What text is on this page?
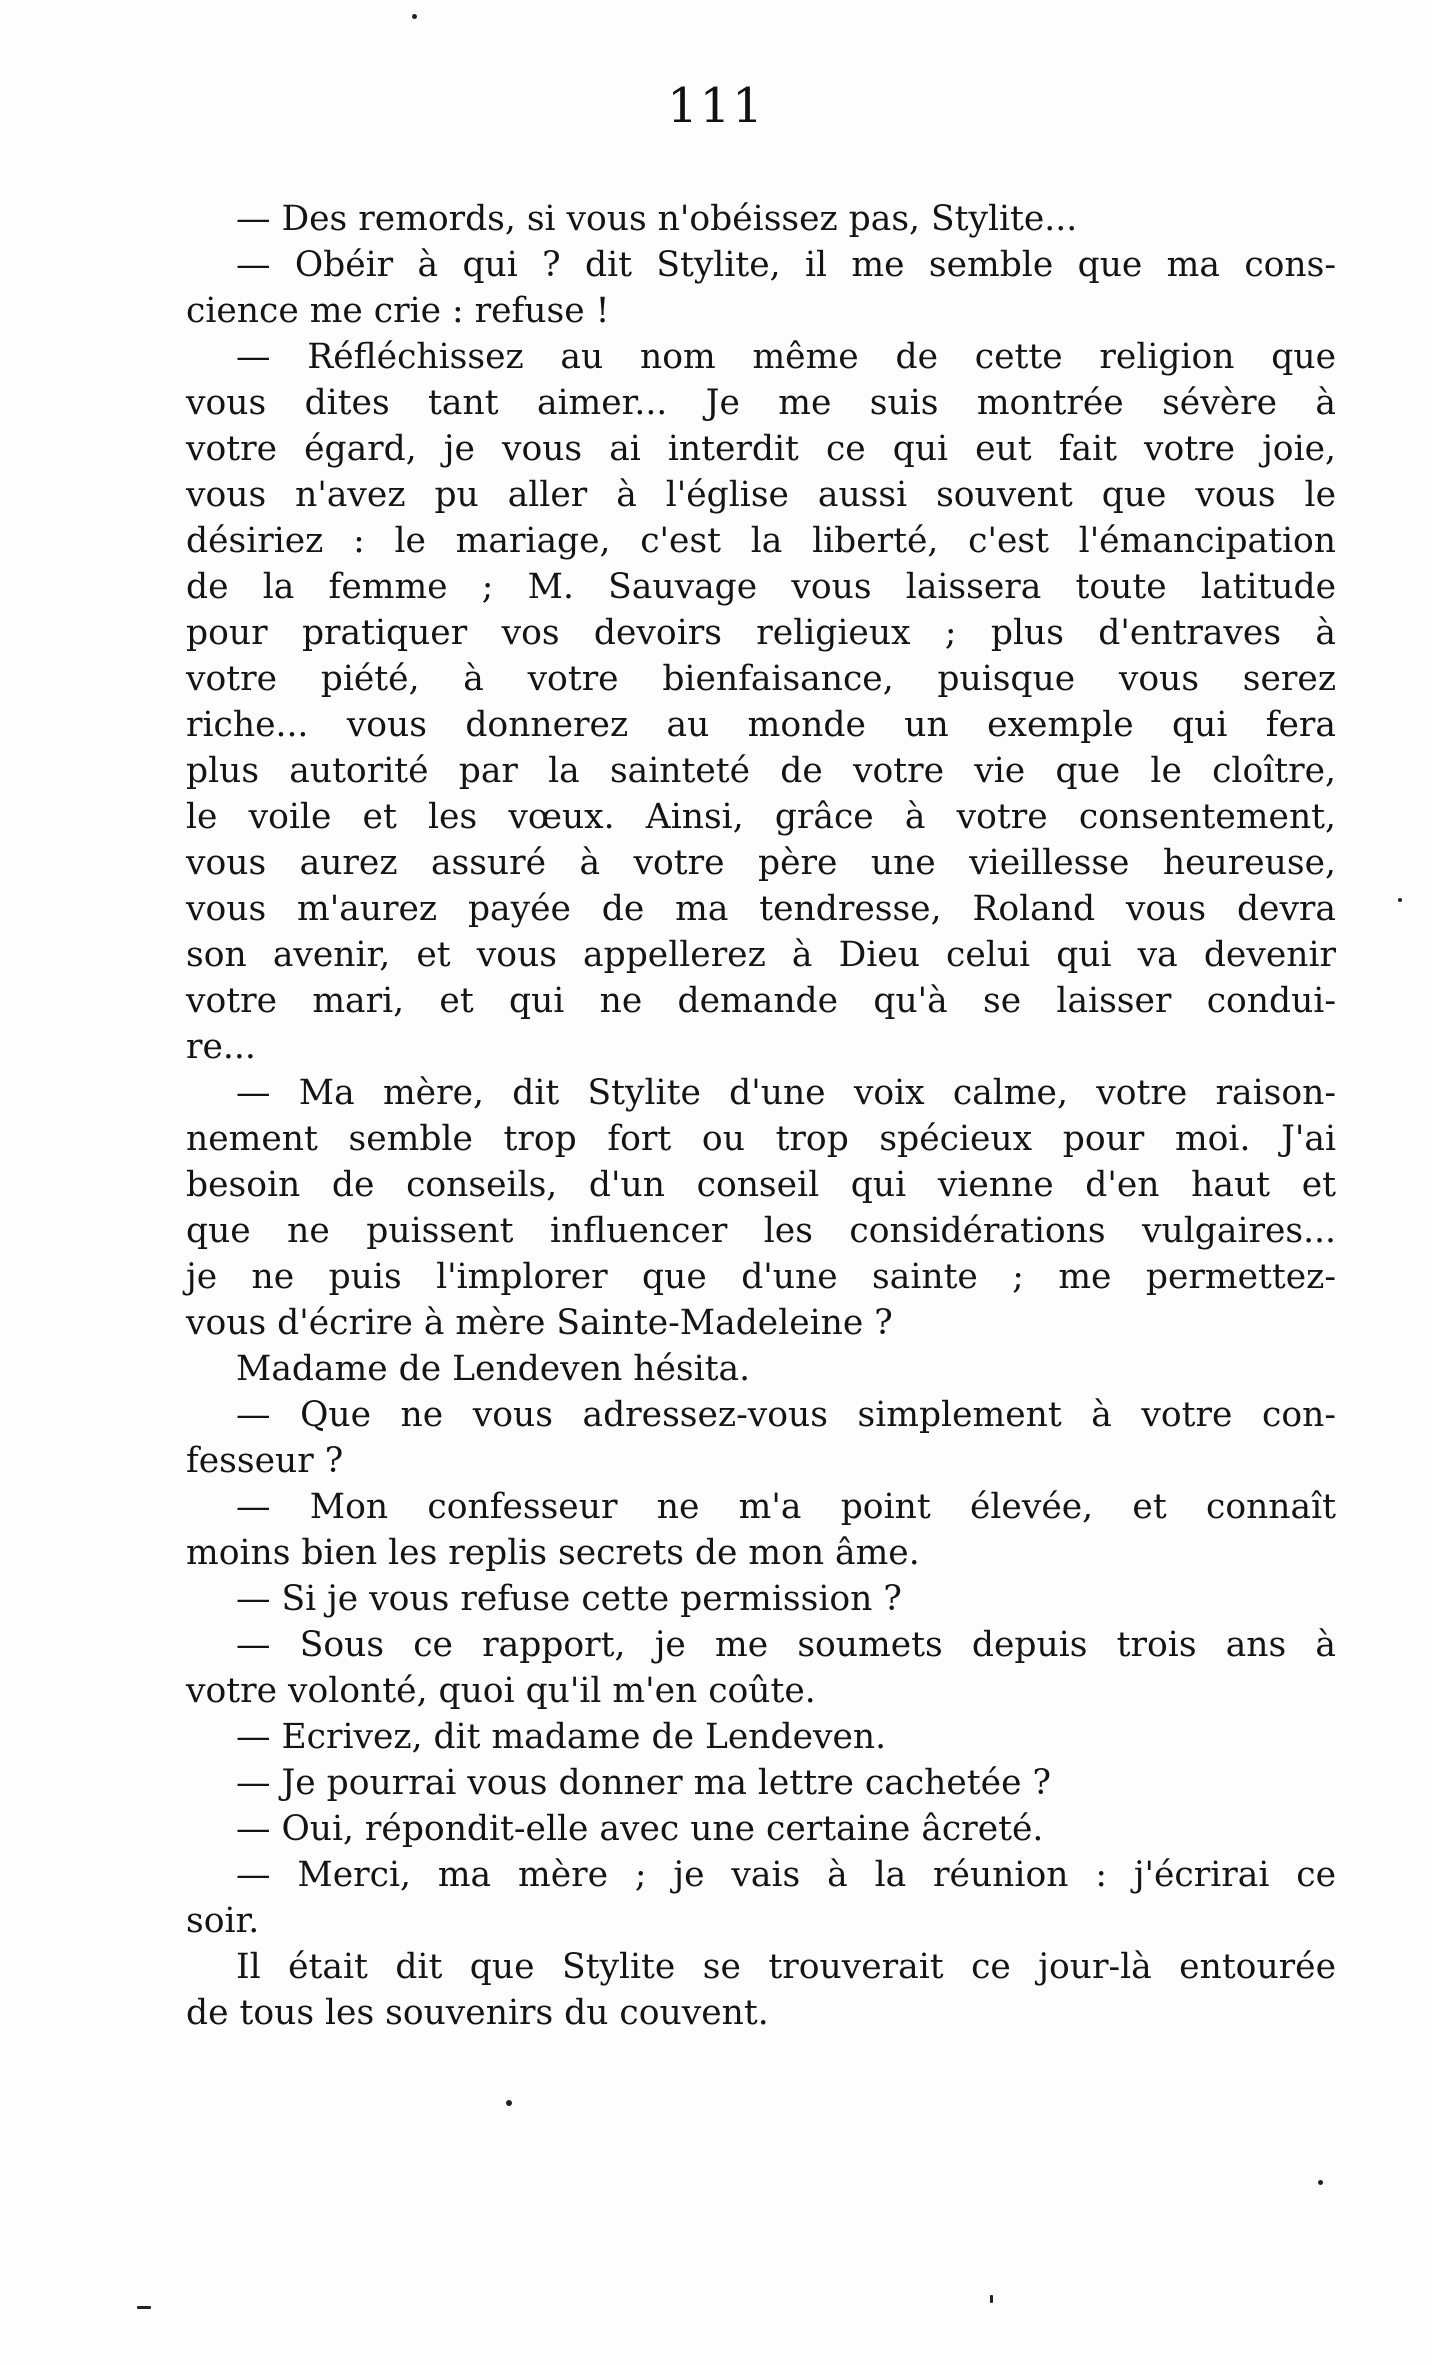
111
— Des remords, si vous n'obéissez pas, Stylite...
— Obéir à qui ? dit Stylite, il me semble que ma cons-
cience me crie : refuse !
— Réfléchissez au nom même de cette religion que
vous dites tant aimer... Je me suis montrée sévère à
votre égard, je vous ai interdit ce qui eut fait votre joie,
vous n'avez pu aller à l'église aussi souvent que vous le
désiriez : le mariage, c'est la liberté, c'est l'émancipation
de la femme ; M. Sauvage vous laissera toute latitude
pour pratiquer vos devoirs religieux ; plus d'entraves à
votre piété, à votre bienfaisance, puisque vous serez
riche... vous donnerez au monde un exemple qui fera
plus autorité par la sainteté de votre vie que le cloître,
le voile et les vœux. Ainsi, grâce à votre consentement,
vous aurez assuré à votre père une vieillesse heureuse,
vous m'aurez payée de ma tendresse, Roland vous devra
son avenir, et vous appellerez à Dieu celui qui va devenir
votre mari, et qui ne demande qu'à se laisser condui-
re...
— Ma mère, dit Stylite d'une voix calme, votre raison-
nement semble trop fort ou trop spécieux pour moi. J'ai
besoin de conseils, d'un conseil qui vienne d'en haut et
que ne puissent influencer les considérations vulgaires...
je ne puis l'implorer que d'une sainte ; me permettez-
vous d'écrire à mère Sainte-Madeleine ?
Madame de Lendeven hésita.
— Que ne vous adressez-vous simplement à votre con-
fesseur ?
— Mon confesseur ne m'a point élevée, et connaît
moins bien les replis secrets de mon âme.
— Si je vous refuse cette permission ?
— Sous ce rapport, je me soumets depuis trois ans à
votre volonté, quoi qu'il m'en coûte.
— Ecrivez, dit madame de Lendeven.
— Je pourrai vous donner ma lettre cachetée ?
— Oui, répondit-elle avec une certaine âcreté.
— Merci, ma mère ; je vais à la réunion : j'écrirai ce
soir.
Il était dit que Stylite se trouverait ce jour-là entourée
de tous les souvenirs du couvent.
